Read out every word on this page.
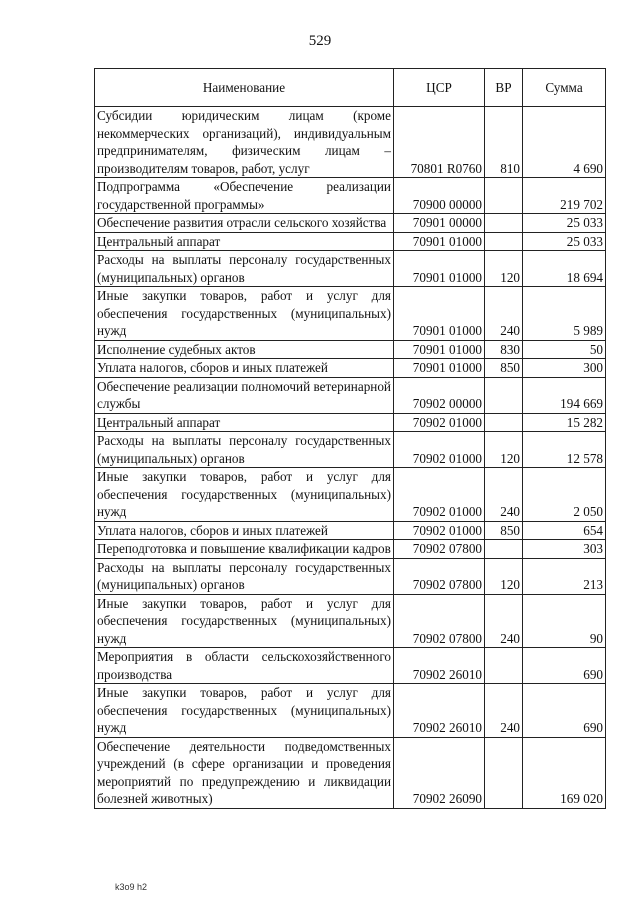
529
Наименование	ЦСР	ВР	Сумма
Субсидии юридическим лицам (кроме некоммерческих организаций), индивидуальным предпринимателям, физическим лицам – производителям товаров, работ, услуг	70801 R0760	810	4 690
Подпрограмма «Обеспечение реализации государственной программы»	70900 00000		219 702
Обеспечение развития отрасли сельского хозяйства	70901 00000		25 033
Центральный аппарат	70901 01000		25 033
Расходы на выплаты персоналу государственных (муниципальных) органов	70901 01000	120	18 694
Иные закупки товаров, работ и услуг для обеспечения государственных (муниципальных) нужд	70901 01000	240	5 989
Исполнение судебных актов	70901 01000	830	50
Уплата налогов, сборов и иных платежей	70901 01000	850	300
Обеспечение реализации полномочий ветеринарной службы	70902 00000		194 669
Центральный аппарат	70902 01000		15 282
Расходы на выплаты персоналу государственных (муниципальных) органов	70902 01000	120	12 578
Иные закупки товаров, работ и услуг для обеспечения государственных (муниципальных) нужд	70902 01000	240	2 050
Уплата налогов, сборов и иных платежей	70902 01000	850	654
Переподготовка и повышение квалификации кадров	70902 07800		303
Расходы на выплаты персоналу государственных (муниципальных) органов	70902 07800	120	213
Иные закупки товаров, работ и услуг для обеспечения государственных (муниципальных) нужд	70902 07800	240	90
Мероприятия в области сельскохозяйственного производства	70902 26010		690
Иные закупки товаров, работ и услуг для обеспечения государственных (муниципальных) нужд	70902 26010	240	690
Обеспечение деятельности подведомственных учреждений (в сфере организации и проведения мероприятий по предупреждению и ликвидации болезней животных)	70902 26090		169 020
k3o9 h2
